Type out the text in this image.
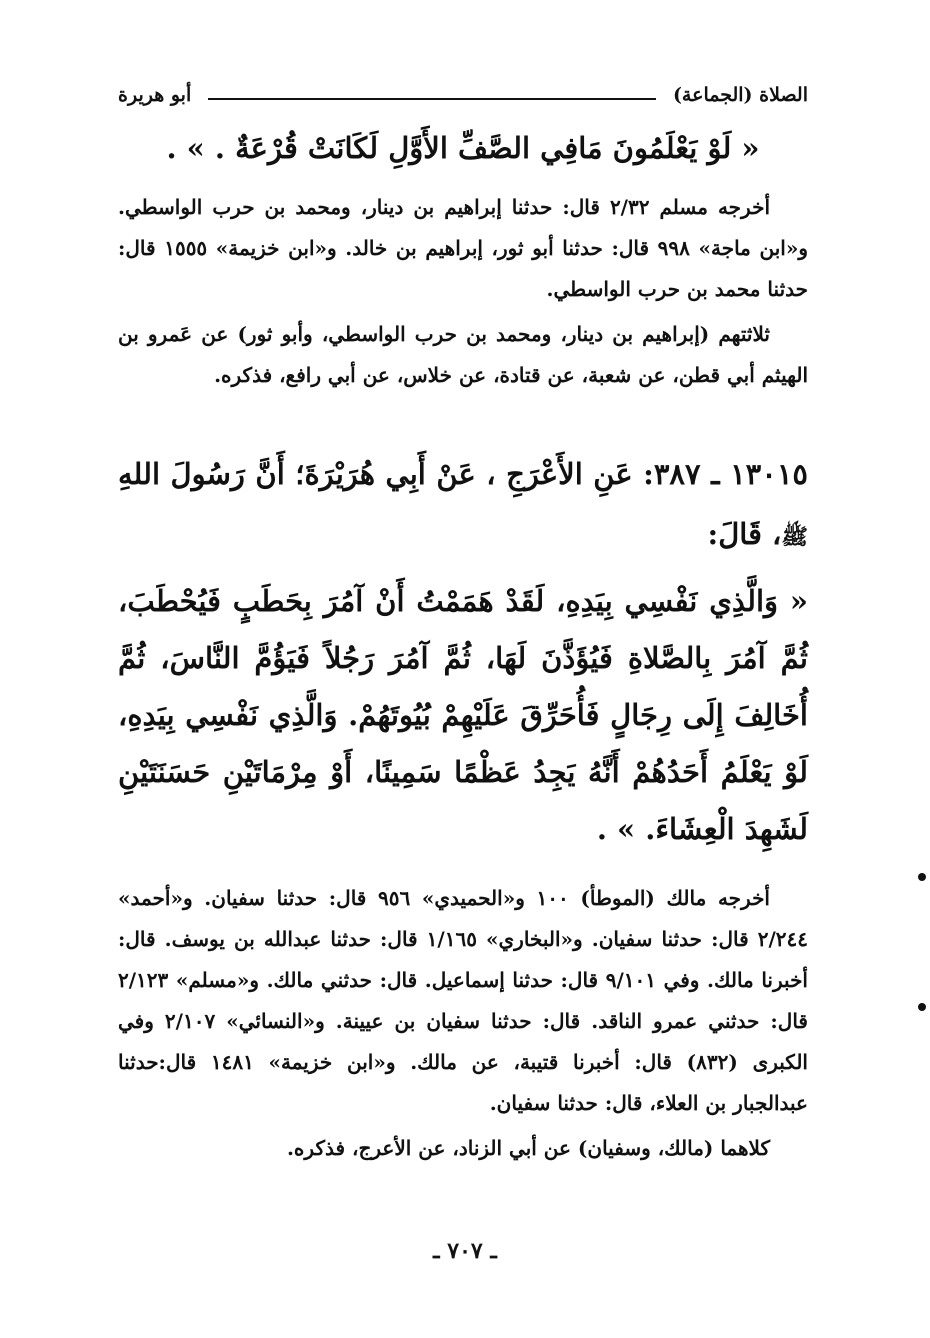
الصلاة (الجماعة)
أبو هريرة

« لَوْ يَعْلَمُونَ مَافِي الصَّفِّ الأَوَّلِ لَكَانَتْ قُرْعَةٌ . » .

أخرجه مسلم ٢/٣٢ قال: حدثنا إبراهيم بن دينار، ومحمد بن حرب الواسطي. و«ابن ماجة» ٩٩٨ قال: حدثنا أبو ثور، إبراهيم بن خالد. و«ابن خزيمة» ١٥٥٥ قال: حدثنا محمد بن حرب الواسطي.

ثلاثتهم (إبراهيم بن دينار، ومحمد بن حرب الواسطي، وأبو ثور) عن عَمرو بن الهيثم أبي قطن، عن شعبة، عن قتادة، عن خلاس، عن أبي رافع، فذكره.

١٣٠١٥ ـ ٣٨٧: عَنِ الأَعْرَجِ ، عَنْ أَبِي هُرَيْرَةَ؛ أَنَّ رَسُولَ اللهِ ﷺ، قَالَ:

« وَالَّذِي نَفْسِي بِيَدِهِ، لَقَدْ هَمَمْتُ أَنْ آمُرَ بِحَطَبٍ فَيُحْطَبَ، ثُمَّ آمُرَ بِالصَّلاةِ فَيُؤَذَّنَ لَهَا، ثُمَّ آمُرَ رَجُلاً فَيَؤُمَّ النَّاسَ، ثُمَّ أُخَالِفَ إِلَى رِجَالٍ فَأُحَرِّقَ عَلَيْهِمْ بُيُوتَهُمْ. وَالَّذِي نَفْسِي بِيَدِهِ، لَوْ يَعْلَمُ أَحَدُهُمْ أَنَّهُ يَجِدُ عَظْمًا سَمِينًا، أَوْ مِرْمَاتَيْنِ حَسَنَتَيْنِ لَشَهِدَ الْعِشَاءَ. » .

أخرجه مالك (الموطأ) ١٠٠ و«الحميدي» ٩٥٦ قال: حدثنا سفيان. و«أحمد» ٢/٢٤٤ قال: حدثنا سفيان. و«البخاري» ١/١٦٥ قال: حدثنا عبدالله بن يوسف. قال: أخبرنا مالك. وفي ٩/١٠١ قال: حدثنا إسماعيل. قال: حدثني مالك. و«مسلم» ٢/١٢٣ قال: حدثني عمرو الناقد. قال: حدثنا سفيان بن عيينة. و«النسائي» ٢/١٠٧ وفي الكبرى (٨٣٢) قال: أخبرنا قتيبة، عن مالك. و«ابن خزيمة» ١٤٨١ قال:حدثنا عبدالجبار بن العلاء، قال: حدثنا سفيان.

كلاهما (مالك، وسفيان) عن أبي الزناد، عن الأعرج، فذكره.

ـ ٧٠٧ ـ
